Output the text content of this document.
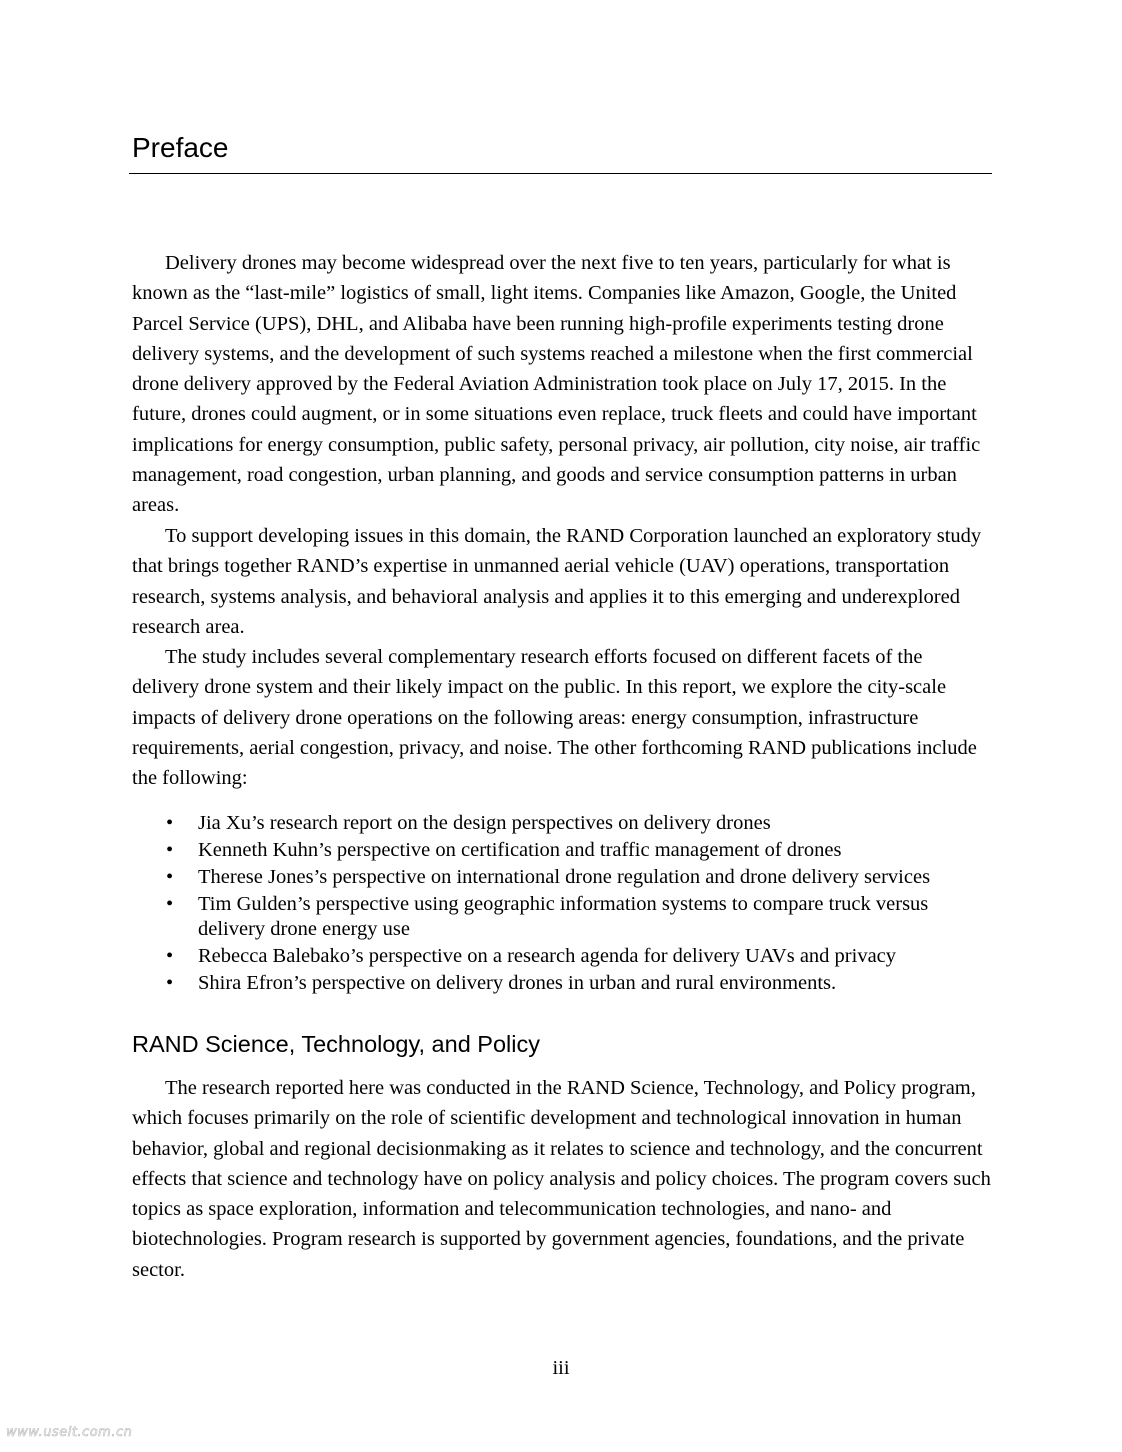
Preface

Delivery drones may become widespread over the next five to ten years, particularly for what is known as the “last-mile” logistics of small, light items. Companies like Amazon, Google, the United Parcel Service (UPS), DHL, and Alibaba have been running high-profile experiments testing drone delivery systems, and the development of such systems reached a milestone when the first commercial drone delivery approved by the Federal Aviation Administration took place on July 17, 2015. In the future, drones could augment, or in some situations even replace, truck fleets and could have important implications for energy consumption, public safety, personal privacy, air pollution, city noise, air traffic management, road congestion, urban planning, and goods and service consumption patterns in urban areas.

To support developing issues in this domain, the RAND Corporation launched an exploratory study that brings together RAND’s expertise in unmanned aerial vehicle (UAV) operations, transportation research, systems analysis, and behavioral analysis and applies it to this emerging and underexplored research area.

The study includes several complementary research efforts focused on different facets of the delivery drone system and their likely impact on the public. In this report, we explore the city-scale impacts of delivery drone operations on the following areas: energy consumption, infrastructure requirements, aerial congestion, privacy, and noise. The other forthcoming RAND publications include the following:

• Jia Xu’s research report on the design perspectives on delivery drones
• Kenneth Kuhn’s perspective on certification and traffic management of drones
• Therese Jones’s perspective on international drone regulation and drone delivery services
• Tim Gulden’s perspective using geographic information systems to compare truck versus delivery drone energy use
• Rebecca Balebako’s perspective on a research agenda for delivery UAVs and privacy
• Shira Efron’s perspective on delivery drones in urban and rural environments.
RAND Science, Technology, and Policy

The research reported here was conducted in the RAND Science, Technology, and Policy program, which focuses primarily on the role of scientific development and technological innovation in human behavior, global and regional decisionmaking as it relates to science and technology, and the concurrent effects that science and technology have on policy analysis and policy choices. The program covers such topics as space exploration, information and telecommunication technologies, and nano- and biotechnologies. Program research is supported by government agencies, foundations, and the private sector.

iii
www.useit.com.cn
